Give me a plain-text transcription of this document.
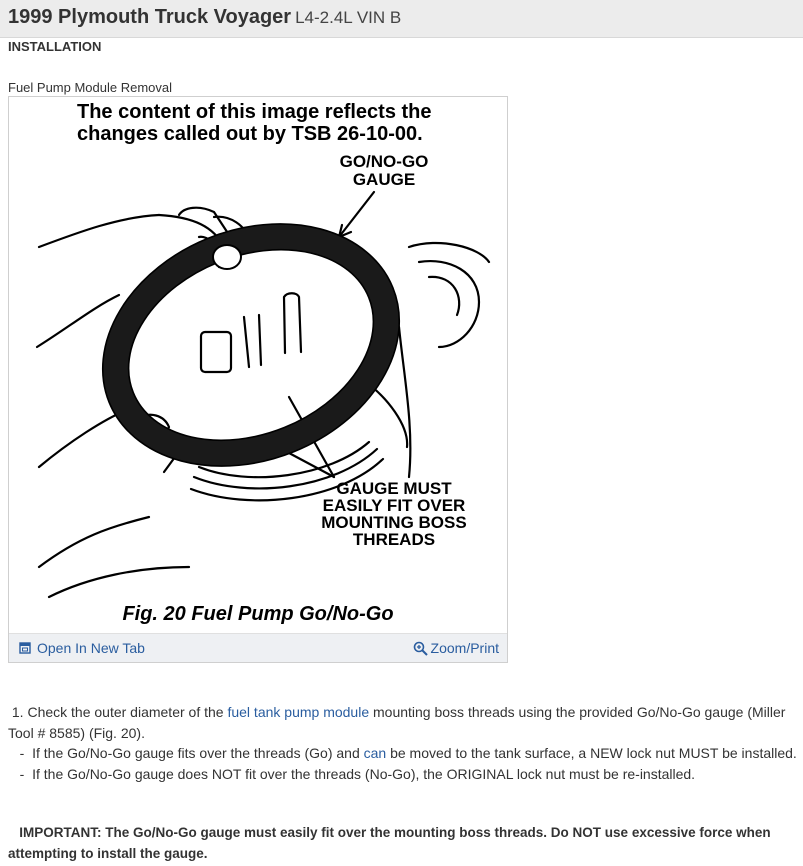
1999 Plymouth Truck Voyager L4-2.4L VIN B
INSTALLATION
Fuel Pump Module Removal
The content of this image reflects the
changes called out by TSB 26-10-00.
GO/NO-GO
GAUGE
GAUGE MUST
EASILY FIT OVER
MOUNTING BOSS
THREADS
Fig. 20 Fuel Pump Go/No-Go
Open In New Tab	Zoom/Print

1. Check the outer diameter of the fuel tank pump module mounting boss threads using the provided Go/No-Go gauge (Miller Tool # 8585) (Fig. 20).

-  If the Go/No-Go gauge fits over the threads (Go) and can be moved to the tank surface, a NEW lock nut MUST be installed.

-  If the Go/No-Go gauge does NOT fit over the threads (No-Go), the ORIGINAL lock nut must be re-installed.

IMPORTANT: The Go/No-Go gauge must easily fit over the mounting boss threads. Do NOT use excessive force when attempting to install the gauge.
